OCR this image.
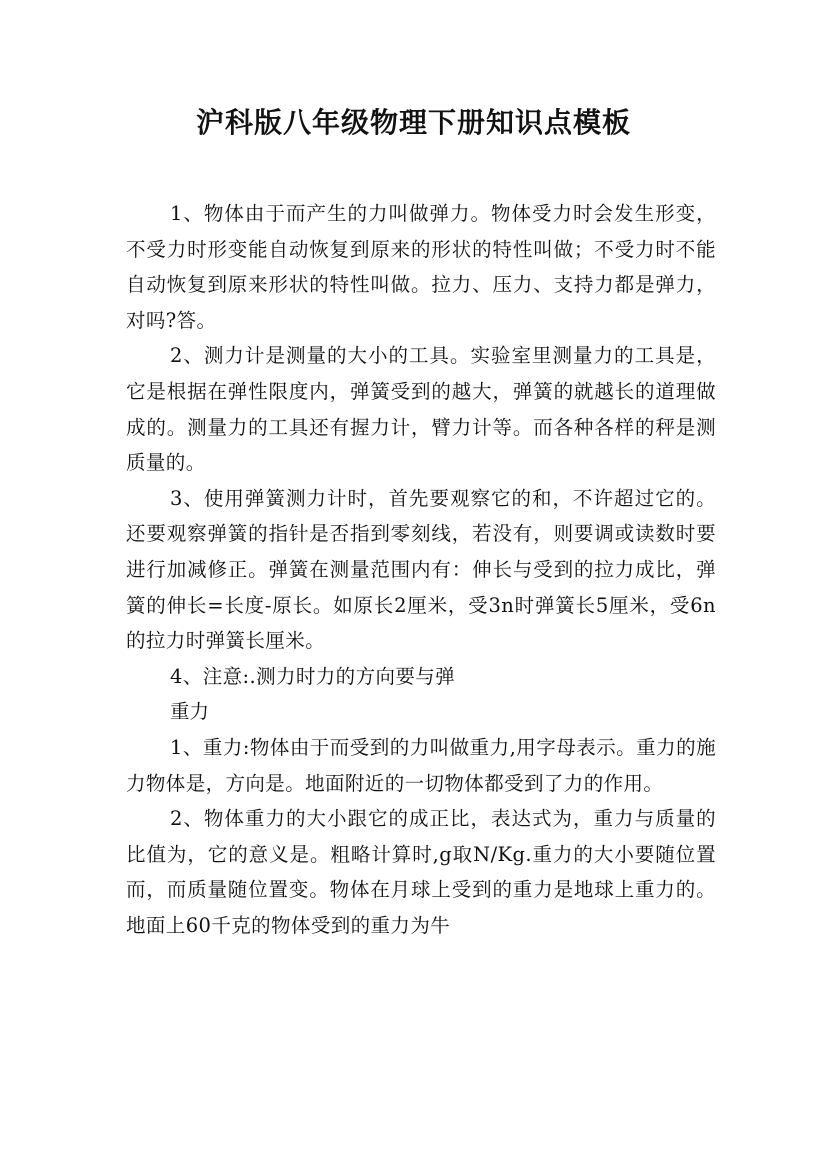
沪科版八年级物理下册知识点模板

1、物体由于而产生的力叫做弹力。物体受力时会发生形变，不受力时形变能自动恢复到原来的形状的特性叫做；不受力时不能自动恢复到原来形状的特性叫做。拉力、压力、支持力都是弹力，对吗?答。

2、测力计是测量的大小的工具。实验室里测量力的工具是，它是根据在弹性限度内，弹簧受到的越大，弹簧的就越长的道理做成的。测量力的工具还有握力计，臂力计等。而各种各样的秤是测质量的。

3、使用弹簧测力计时，首先要观察它的和，不许超过它的。还要观察弹簧的指针是否指到零刻线，若没有，则要调或读数时要进行加减修正。弹簧在测量范围内有：伸长与受到的拉力成比，弹簧的伸长=长度-原长。如原长2厘米，受3n时弹簧长5厘米，受6n的拉力时弹簧长厘米。

4、注意:.测力时力的方向要与弹

重力

1、重力:物体由于而受到的力叫做重力,用字母表示。重力的施力物体是，方向是。地面附近的一切物体都受到了力的作用。

2、物体重力的大小跟它的成正比，表达式为，重力与质量的比值为，它的意义是。粗略计算时,g取N/Kg.重力的大小要随位置而，而质量随位置变。物体在月球上受到的重力是地球上重力的。地面上60千克的物体受到的重力为牛
